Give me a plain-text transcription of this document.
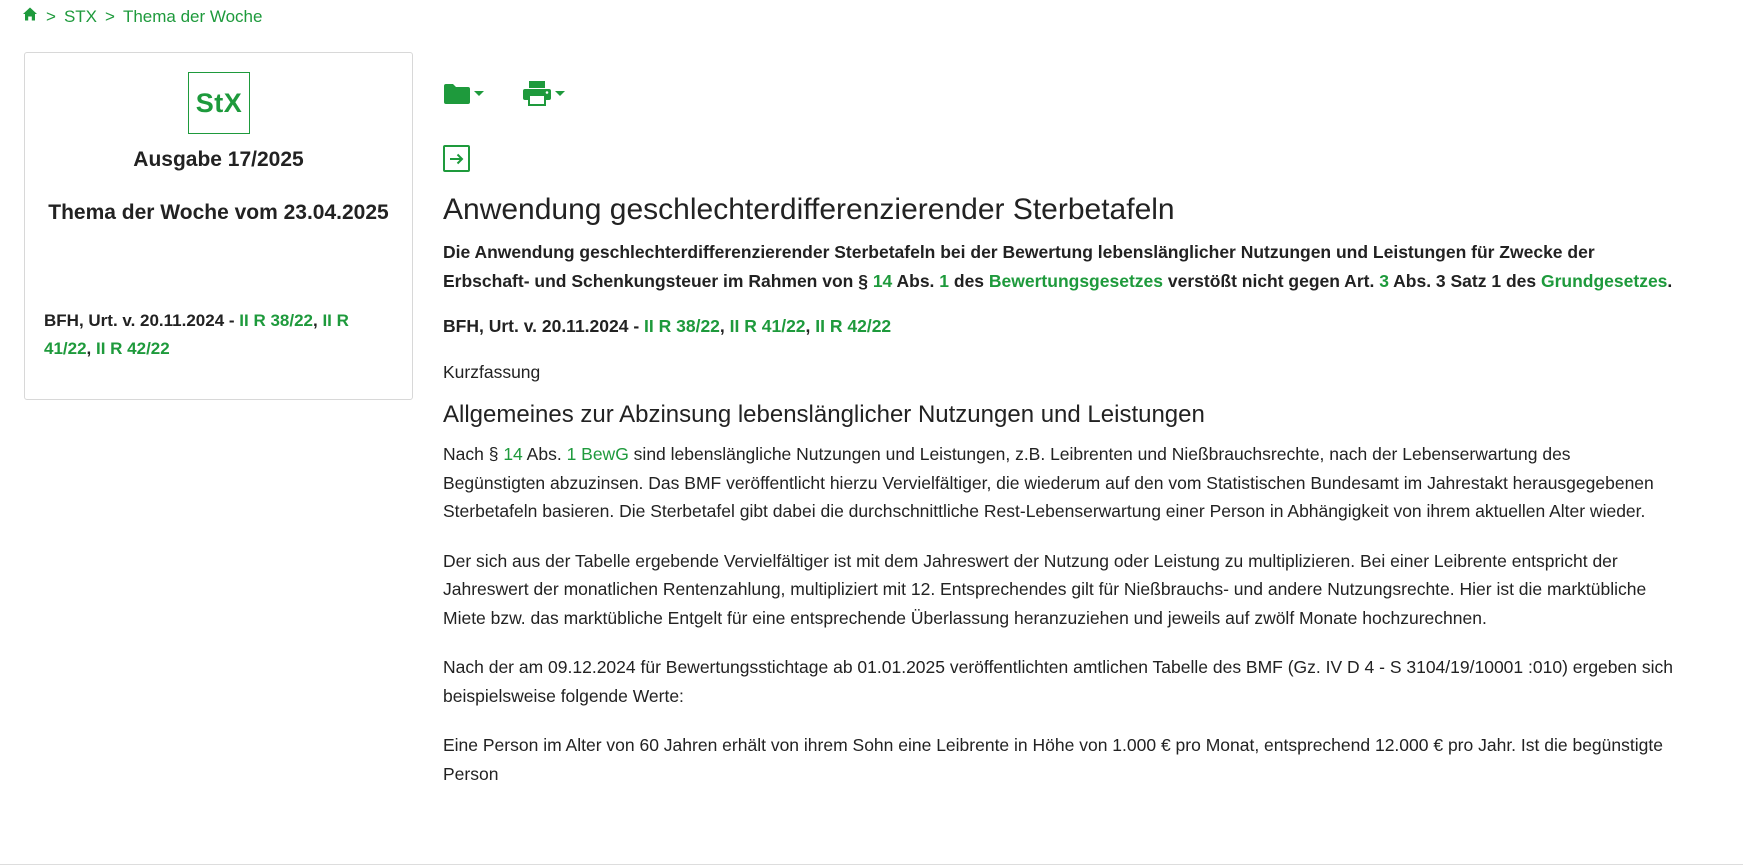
> STX > Thema der Woche
StX
Ausgabe 17/2025
Thema der Woche vom 23.04.2025
BFH, Urt. v. 20.11.2024 - II R 38/22, II R 41/22, II R 42/22
Anwendung geschlechterdifferenzierender Sterbetafeln

Die Anwendung geschlechterdifferenzierender Sterbetafeln bei der Bewertung lebenslänglicher Nutzungen und Leistungen für Zwecke der Erbschaft- und Schenkungsteuer im Rahmen von § 14 Abs. 1 des Bewertungsgesetzes verstößt nicht gegen Art. 3 Abs. 3 Satz 1 des Grundgesetzes.

BFH, Urt. v. 20.11.2024 - II R 38/22, II R 41/22, II R 42/22

Kurzfassung

Allgemeines zur Abzinsung lebenslänglicher Nutzungen und Leistungen

Nach § 14 Abs. 1 BewG sind lebenslängliche Nutzungen und Leistungen, z.B. Leibrenten und Nießbrauchsrechte, nach der Lebenserwartung des Begünstigten abzuzinsen. Das BMF veröffentlicht hierzu Vervielfältiger, die wiederum auf den vom Statistischen Bundesamt im Jahrestakt herausgegebenen Sterbetafeln basieren. Die Sterbetafel gibt dabei die durchschnittliche Rest-Lebenserwartung einer Person in Abhängigkeit von ihrem aktuellen Alter wieder.

Der sich aus der Tabelle ergebende Vervielfältiger ist mit dem Jahreswert der Nutzung oder Leistung zu multiplizieren. Bei einer Leibrente entspricht der Jahreswert der monatlichen Rentenzahlung, multipliziert mit 12. Entsprechendes gilt für Nießbrauchs- und andere Nutzungsrechte. Hier ist die marktübliche Miete bzw. das marktübliche Entgelt für eine entsprechende Überlassung heranzuziehen und jeweils auf zwölf Monate hochzurechnen.

Nach der am 09.12.2024 für Bewertungsstichtage ab 01.01.2025 veröffentlichten amtlichen Tabelle des BMF (Gz. IV D 4 - S 3104/19/10001 :010) ergeben sich beispielsweise folgende Werte:

Eine Person im Alter von 60 Jahren erhält von ihrem Sohn eine Leibrente in Höhe von 1.000 € pro Monat, entsprechend 12.000 € pro Jahr. Ist die begünstigte Person
